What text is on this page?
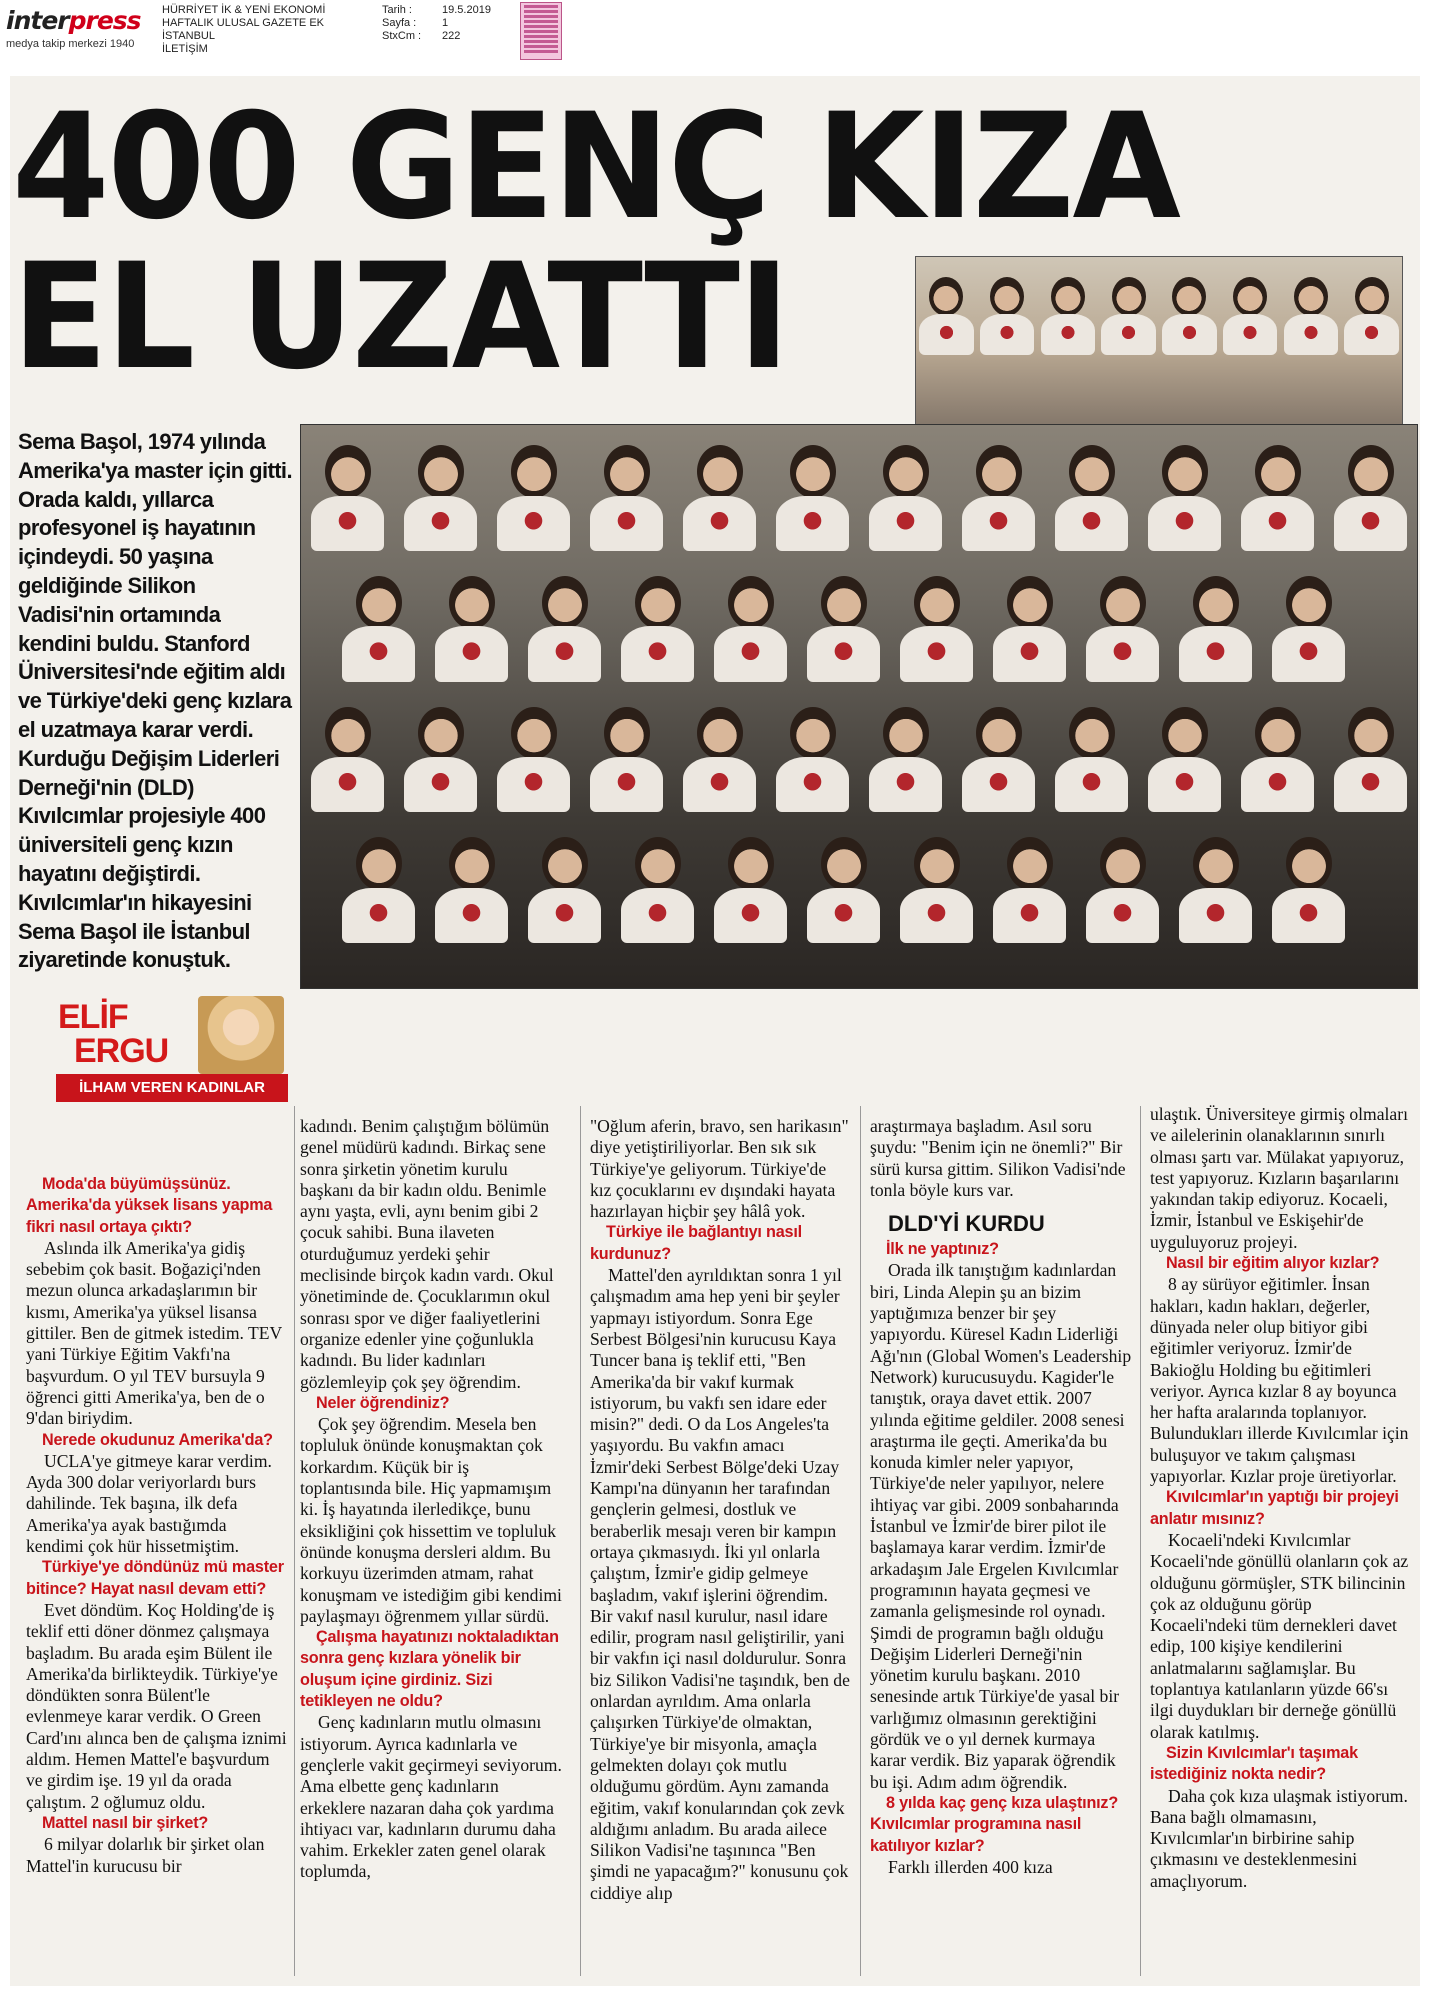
interpress
medya takip merkezi 1940
HÜRRİYET İK & YENİ EKONOMİ
HAFTALIK ULUSAL GAZETE EK
İSTANBUL
İLETİŞİM
Tarih :
Sayfa :
StxCm :
19.5.2019
1
222
400 GENÇ KIZA
EL UZATTI
Sema Başol, 1974 yılında Amerika'ya master için gitti. Orada kaldı, yıllarca profesyonel iş hayatının içindeydi. 50 yaşına geldiğinde Silikon Vadisi'nin ortamında kendini buldu. Stanford Üniversitesi'nde eğitim aldı ve Türkiye'deki genç kızlara el uzatmaya karar verdi. Kurduğu Değişim Liderleri Derneği'nin (DLD) Kıvılcımlar projesiyle 400 üniversiteli genç kızın hayatını değiştirdi. Kıvılcımlar'ın hikayesini Sema Başol ile İstanbul ziyaretinde konuştuk.
ELİF
ERGU
İLHAM VEREN KADINLAR

Moda'da büyümüşsünüz. Amerika'da yüksek lisans yapma fikri nasıl ortaya çıktı?

Aslında ilk Amerika'ya gidiş sebebim çok basit. Boğaziçi'nden mezun olunca arkadaşlarımın bir kısmı, Amerika'ya yüksel lisansa gittiler. Ben de gitmek istedim. TEV yani Türkiye Eğitim Vakfı'na başvurdum. O yıl TEV bursuyla 9 öğrenci gitti Amerika'ya, ben de o 9'dan biriydim.

Nerede okudunuz Amerika'da?

UCLA'ye gitmeye karar verdim. Ayda 300 dolar veriyorlardı burs dahilinde. Tek başına, ilk defa Amerika'ya ayak bastığımda kendimi çok hür hissetmiştim.

Türkiye'ye döndünüz mü master bitince? Hayat nasıl devam etti?

Evet döndüm. Koç Holding'de iş teklif etti döner dönmez çalışmaya başladım. Bu arada eşim Bülent ile Amerika'da birlikteydik. Türkiye'ye döndükten sonra Bülent'le evlenmeye karar verdik. O Green Card'ını alınca ben de çalışma iznimi aldım. Hemen Mattel'e başvurdum ve girdim işe. 19 yıl da orada çalıştım. 2 oğlumuz oldu.

Mattel nasıl bir şirket?

6 milyar dolarlık bir şirket olan Mattel'in kurucusu bir

kadındı. Benim çalıştığım bölümün genel müdürü kadındı. Birkaç sene sonra şirketin yönetim kurulu başkanı da bir kadın oldu. Benimle aynı yaşta, evli, aynı benim gibi 2 çocuk sahibi. Buna ilaveten oturduğumuz yerdeki şehir meclisinde birçok kadın vardı. Okul yönetiminde de. Çocuklarımın okul sonrası spor ve diğer faaliyetlerini organize edenler yine çoğunlukla kadındı. Bu lider kadınları gözlemleyip çok şey öğrendim.

Neler öğrendiniz?

Çok şey öğrendim. Mesela ben topluluk önünde konuşmaktan çok korkardım. Küçük bir iş toplantısında bile. Hiç yapmamışım ki. İş hayatında ilerledikçe, bunu eksikliğini çok hissettim ve topluluk önünde konuşma dersleri aldım. Bu korkuyu üzerimden atmam, rahat konuşmam ve istediğim gibi kendimi paylaşmayı öğrenmem yıllar sürdü.

Çalışma hayatınızı noktaladıktan sonra genç kızlara yönelik bir oluşum içine girdiniz. Sizi tetikleyen ne oldu?

Genç kadınların mutlu olmasını istiyorum. Ayrıca kadınlarla ve gençlerle vakit geçirmeyi seviyorum. Ama elbette genç kadınların erkeklere nazaran daha çok yardıma ihtiyacı var, kadınların durumu daha vahim. Erkekler zaten genel olarak toplumda,

"Oğlum aferin, bravo, sen harikasın" diye yetiştiriliyorlar. Ben sık sık Türkiye'ye geliyorum. Türkiye'de kız çocuklarını ev dışındaki hayata hazırlayan hiçbir şey hâlâ yok.

Türkiye ile bağlantıyı nasıl kurdunuz?

Mattel'den ayrıldıktan sonra 1 yıl çalışmadım ama hep yeni bir şeyler yapmayı istiyordum. Sonra Ege Serbest Bölgesi'nin kurucusu Kaya Tuncer bana iş teklif etti, "Ben Amerika'da bir vakıf kurmak istiyorum, bu vakfı sen idare eder misin?" dedi. O da Los Angeles'ta yaşıyordu. Bu vakfın amacı İzmir'deki Serbest Bölge'deki Uzay Kampı'na dünyanın her tarafından gençlerin gelmesi, dostluk ve beraberlik mesajı veren bir kampın ortaya çıkmasıydı. İki yıl onlarla çalıştım, İzmir'e gidip gelmeye başladım, vakıf işlerini öğrendim. Bir vakıf nasıl kurulur, nasıl idare edilir, program nasıl geliştirilir, yani bir vakfın içi nasıl doldurulur. Sonra biz Silikon Vadisi'ne taşındık, ben de onlardan ayrıldım. Ama onlarla çalışırken Türkiye'de olmaktan, Türkiye'ye bir misyonla, amaçla gelmekten dolayı çok mutlu olduğumu gördüm. Aynı zamanda eğitim, vakıf konularından çok zevk aldığımı anladım. Bu arada ailece Silikon Vadisi'ne taşınınca "Ben şimdi ne yapacağım?" konusunu çok ciddiye alıp

araştırmaya başladım. Asıl soru şuydu: "Benim için ne önemli?" Bir sürü kursa gittim. Silikon Vadisi'nde tonla böyle kurs var.

DLD'Yİ KURDU

İlk ne yaptınız?

Orada ilk tanıştığım kadınlardan biri, Linda Alepin şu an bizim yaptığımıza benzer bir şey yapıyordu. Küresel Kadın Liderliği Ağı'nın (Global Women's Leadership Network) kurucusuydu. Kagider'le tanıştık, oraya davet ettik. 2007 yılında eğitime geldiler. 2008 senesi araştırma ile geçti. Amerika'da bu konuda kimler neler yapıyor, Türkiye'de neler yapılıyor, nelere ihtiyaç var gibi. 2009 sonbaharında İstanbul ve İzmir'de birer pilot ile başlamaya karar verdim. İzmir'de arkadaşım Jale Ergelen Kıvılcımlar programının hayata geçmesi ve zamanla gelişmesinde rol oynadı. Şimdi de programın bağlı olduğu Değişim Liderleri Derneği'nin yönetim kurulu başkanı. 2010 senesinde artık Türkiye'de yasal bir varlığımız olmasının gerektiğini gördük ve o yıl dernek kurmaya karar verdik. Biz yaparak öğrendik bu işi. Adım adım öğrendik.

8 yılda kaç genç kıza ulaştınız? Kıvılcımlar programına nasıl katılıyor kızlar?

Farklı illerden 400 kıza

ulaştık. Üniversiteye girmiş olmaları ve ailelerinin olanaklarının sınırlı olması şartı var. Mülakat yapıyoruz, test yapıyoruz. Kızların başarılarını yakından takip ediyoruz. Kocaeli, İzmir, İstanbul ve Eskişehir'de uyguluyoruz projeyi.

Nasıl bir eğitim alıyor kızlar?

8 ay sürüyor eğitimler. İnsan hakları, kadın hakları, değerler, dünyada neler olup bitiyor gibi eğitimler veriyoruz. İzmir'de Bakioğlu Holding bu eğitimleri veriyor. Ayrıca kızlar 8 ay boyunca her hafta aralarında toplanıyor. Bulundukları illerde Kıvılcımlar için buluşuyor ve takım çalışması yapıyorlar. Kızlar proje üretiyorlar.

Kıvılcımlar'ın yaptığı bir projeyi anlatır mısınız?

Kocaeli'ndeki Kıvılcımlar Kocaeli'nde gönüllü olanların çok az olduğunu görmüşler, STK bilincinin çok az olduğunu görüp Kocaeli'ndeki tüm dernekleri davet edip, 100 kişiye kendilerini anlatmalarını sağlamışlar. Bu toplantıya katılanların yüzde 66'sı ilgi duydukları bir derneğe gönüllü olarak katılmış.

Sizin Kıvılcımlar'ı taşımak istediğiniz nokta nedir?

Daha çok kıza ulaşmak istiyorum. Bana bağlı olmamasını, Kıvılcımlar'ın birbirine sahip çıkmasını ve desteklenmesini amaçlıyorum.
